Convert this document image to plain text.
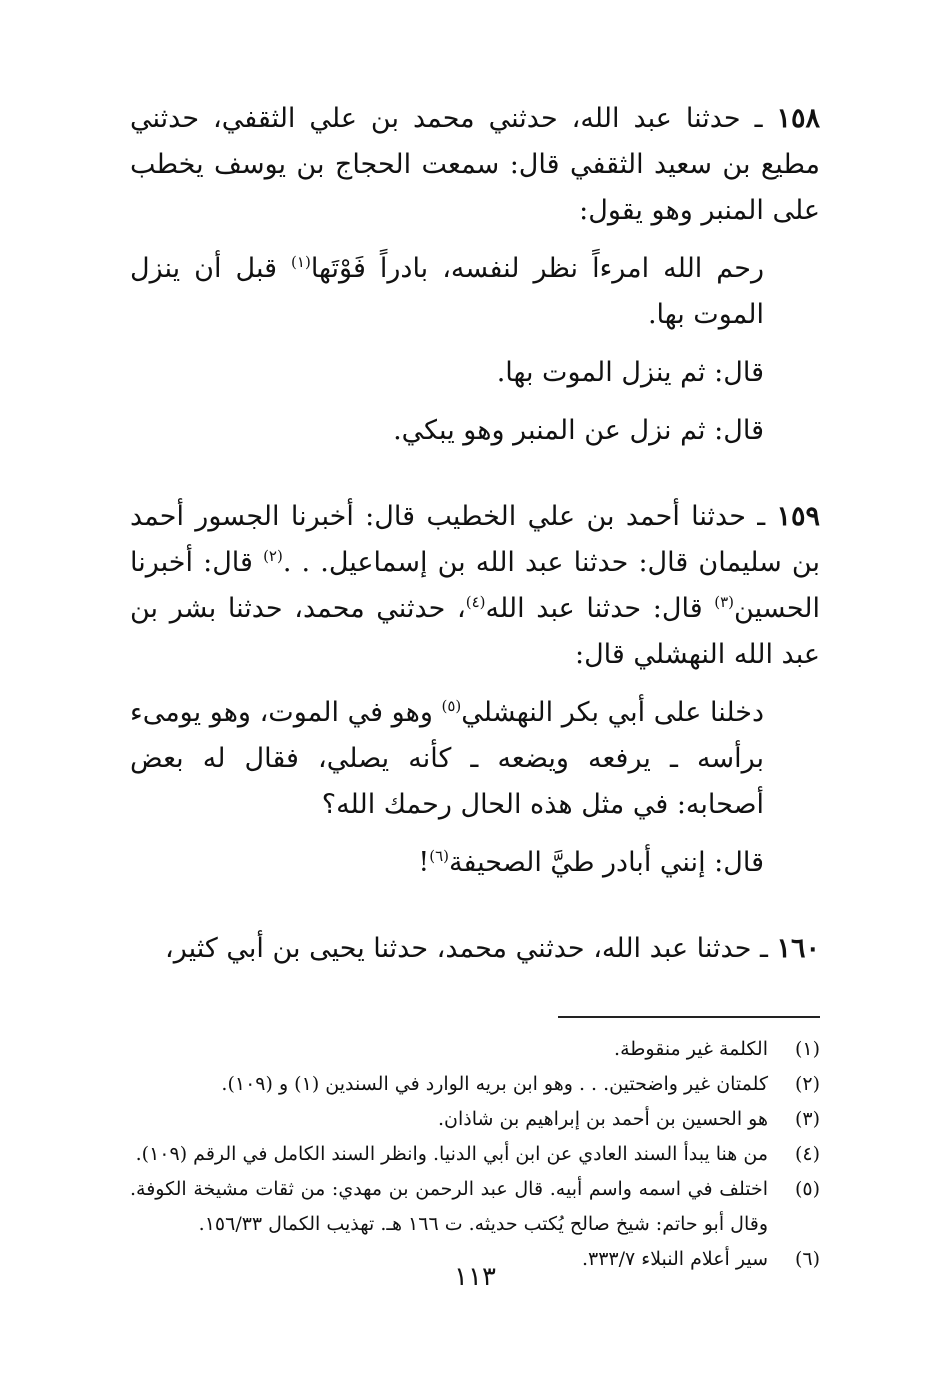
١٥٨ ـ حدثنا عبد الله، حدثني محمد بن علي الثقفي، حدثني مطيع بن سعيد الثقفي قال: سمعت الحجاج بن يوسف يخطب على المنبر وهو يقول:

رحم الله امرءاً نظر لنفسه، بادراً فَوْتَها$^{(١)}$ قبل أن ينزل الموت بها.

قال: ثم ينزل الموت بها.

قال: ثم نزل عن المنبر وهو يبكي.

١٥٩ ـ حدثنا أحمد بن علي الخطيب قال: أخبرنا الجسور أحمد بن سليمان قال: حدثنا عبد الله بن إسماعيل. . .$^{(٢)}$ قال: أخبرنا الحسين$^{(٣)}$ قال: حدثنا عبد الله$^{(٤)}$، حدثني محمد، حدثنا بشر بن عبد الله النهشلي قال:

دخلنا على أبي بكر النهشلي$^{(٥)}$ وهو في الموت، وهو يومىء برأسه ـ يرفعه ويضعه ـ كأنه يصلي، فقال له بعض أصحابه: في مثل هذه الحال رحمك الله؟

قال: إنني أبادر طيَّ الصحيفة$^{(٦)}$!

١٦٠ ـ حدثنا عبد الله، حدثني محمد، حدثنا يحيى بن أبي كثير،

(١)
الكلمة غير منقوطة.
(٢)
كلمتان غير واضحتين. . . وهو ابن بريه الوارد في السندين (١) و (١٠٩).
(٣)
هو الحسين بن أحمد بن إبراهيم بن شاذان.
(٤)
من هنا يبدأ السند العادي عن ابن أبي الدنيا. وانظر السند الكامل في الرقم (١٠٩).
(٥)
اختلف في اسمه واسم أبيه. قال عبد الرحمن بن مهدي: من ثقات مشيخة الكوفة. وقال أبو حاتم: شيخ صالح يُكتب حديثه. ت ١٦٦ هـ. تهذيب الكمال ١٥٦/٣٣.
(٦)
سير أعلام النبلاء ٣٣٣/٧.
١١٣
